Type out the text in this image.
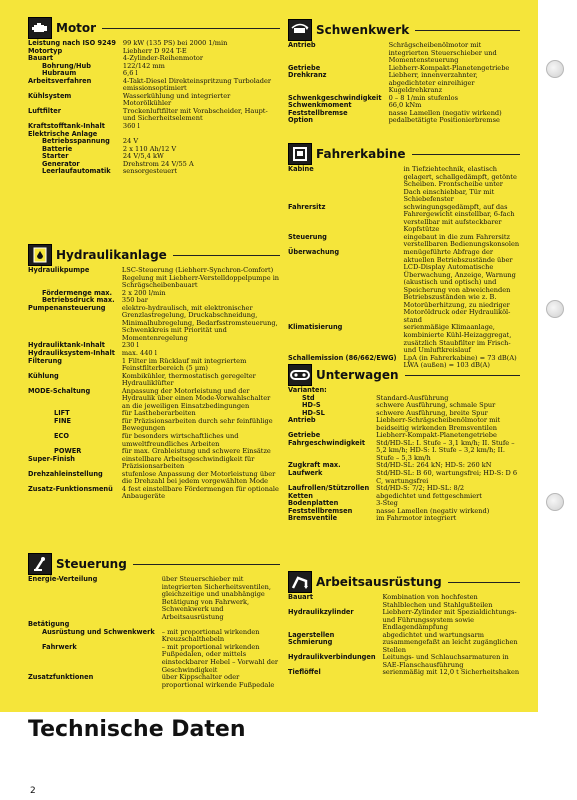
Motor
Leistung nach ISO 9249	99 kW (135 PS) bei 2000 1/min
Motortyp	Liebherr D 924 T-E
Bauart	4-Zylinder-Reihenmotor
Bohrung/Hub	122/142 mm
Hubraum	6,6 l
Arbeitsverfahren	4-Takt-Diesel Direkteinspritzung Turbolader emissionsoptimiert
Kühlsystem	Wasserkühlung und integrierter Motorölkühler
Luftfilter	Trockenluftfilter mit Vorabscheider, Haupt- und Sicherheitselement
Kraftstofftank-Inhalt	360 l
Elektrische Anlage	
Betriebsspannung	24 V
Batterie	2 x 110 Ah/12 V
Starter	24 V/5,4 kW
Generator	Drehstrom 24 V/55 A
Leerlaufautomatik	sensorgesteuert
Hydraulikanlage
Hydraulikpumpe	LSC-Steuerung (Liebherr-Synchron-Comfort) Regelung mit Liebherr-Verstelldoppelpumpe in Schrägscheibenbauart
Fördermenge max.	2 x 200 l/min
Betriebsdruck max.	350 bar
Pumpenansteuerung	elektro-hydraulisch, mit elektronischer Grenzlastregelung, Druckabschneidung, Minimalhubregelung, Bedarfsstromsteuerung, Schwenkkreis mit Priorität und Momentenregelung
Hydrauliktank-Inhalt	230 l
Hydrauliksystem-Inhalt	max. 440 l
Filterung	1 Filter im Rücklauf mit integriertem Feinstfilterbereich (5 µm)
Kühlung	Kombikühler, thermostatisch geregelter Hydrauliklüfter
MODE-Schaltung	Anpassung der Motorleistung und der Hydraulik über einen Mode-Vorwahlschalter an die jeweiligen Einsatzbedingungen
LIFT	für Lastheberarbeiten
FINE	für Präzisionsarbeiten durch sehr feinfühlige Bewegungen
ECO	für besonders wirtschaftliches und umweltfreundliches Arbeiten
POWER	für max. Grableistung und schwere Einsätze
Super-Finish	einstellbare Arbeitsgeschwindigkeit für Präzisionsarbeiten
Drehzahleinstellung	stufenlose Anpassung der Motorleistung über die Drehzahl bei jedem vorgewählten Mode
Zusatz-Funktionsmenü	4 fest einstellbare Fördermengen für optionale Anbaugeräte
Steuerung
Energie-Verteilung	über Steuerschieber mit integrierten Sicherheitsventilen, gleichzeitige und unabhängige Betätigung von Fahrwerk, Schwenkwerk und Arbeitsausrüstung
Betätigung	
Ausrüstung und Schwenkwerk	– mit proportional wirkenden Kreuzschalthebeln
Fahrwerk	– mit proportional wirkenden Fußpedalen, oder mittels einsteckbarer Hebel – Vorwahl der Geschwindigkeit
Zusatzfunktionen	über Kippschalter oder proportional wirkende Fußpedale
Schwenkwerk
Antrieb	Schrägscheibenölmotor mit integrierten Steuerschieber und Momentensteuerung
Getriebe	Liebherr-Kompakt-Planetengetriebe
Drehkranz	Liebherr, innenverzahnter, abgedichteter einreihiger Kugeldrehkranz
Schwenkgeschwindigkeit	0 – 8 1/min stufenlos
Schwenkmoment	66,0 kNm
Feststellbremse	nasse Lamellen (negativ wirkend)
Option	pedalbetätigte Positionierbremse
Fahrerkabine
Kabine	in Tiefziehtechnik, elastisch gelagert, schallgedämpft, getönte Scheiben. Frontscheibe unter Dach einschiebbar, Tür mit Schiebefenster
Fahrersitz	schwingungsgedämpft, auf das Fahrergewicht einstellbar, 6-fach verstellbar mit aufsteckbarer Kopfstütze
Steuerung	eingebaut in die zum Fahrersitz verstellbaren Bedienungskonsolen
Überwachung	menügeführte Abfrage der aktuellen Betriebszustände über LCD-Display Automatische Überwachung, Anzeige, Warnung (akustisch und optisch) und Speicherung von abweichenden Betriebszuständen wie z. B. Motorüberhitzung, zu niedriger Motoröldruck oder Hydraulikölstand
Klimatisierung	serienmäßige Klimaanlage, kombinierte Kühl-Heizaggregat, zusätzlich Staubfilter im Frisch- und Umluftkreislauf
Schallemission (86/662/EWG)	LpA (in Fahrerkabine) = 73 dB(A) LWA (außen) = 103 dB(A)
Unterwagen
Varianten:	
Std	Standard-Ausführung
HD-S	schwere Ausführung, schmale Spur
HD-SL	schwere Ausführung, breite Spur
Antrieb	Liebherr-Schrägscheibenölmotor mit beidseitig wirkenden Bremsventilen
Getriebe	Liebherr-Kompakt-Planetengetriebe
Fahrgeschwindigkeit	Std/HD-SL: I. Stufe – 3,1 km/h; II. Stufe – 5,2 km/h; HD-S: I. Stufe – 3,2 km/h; II. Stufe – 5,3 km/h
Zugkraft max.	Std/HD-SL: 264 kN; HD-S: 260 kN
Laufwerk	Std/HD-SL: B 60, wartungsfrei; HD-S: D 6 C, wartungsfrei
Laufrollen/Stützrollen	Std/HD-S: 7/2; HD-SL: 8/2
Ketten	abgedichtet und fettgeschmiert
Bodenplatten	3-Steg
Feststellbremsen	nasse Lamellen (negativ wirkend)
Bremsventile	im Fahrmotor integriert
Arbeitsausrüstung
Bauart	Kombination von hochfesten Stahlblechen und Stahlgußteilen
Hydraulikzylinder	Liebherr-Zylinder mit Spezialdichtungs- und Führungssystem sowie Endlagendämpfung
Lagerstellen	abgedichtet und wartungsarm
Schmierung	zusammengefaßt an leicht zugänglichen Stellen
Hydraulikverbindungen	Leitungs- und Schlauchsarmaturen in SAE-Flanschausführung
Tieflöffel	serienmäßig mit 12,0 t Sicherheitshaken
Technische Daten
2
